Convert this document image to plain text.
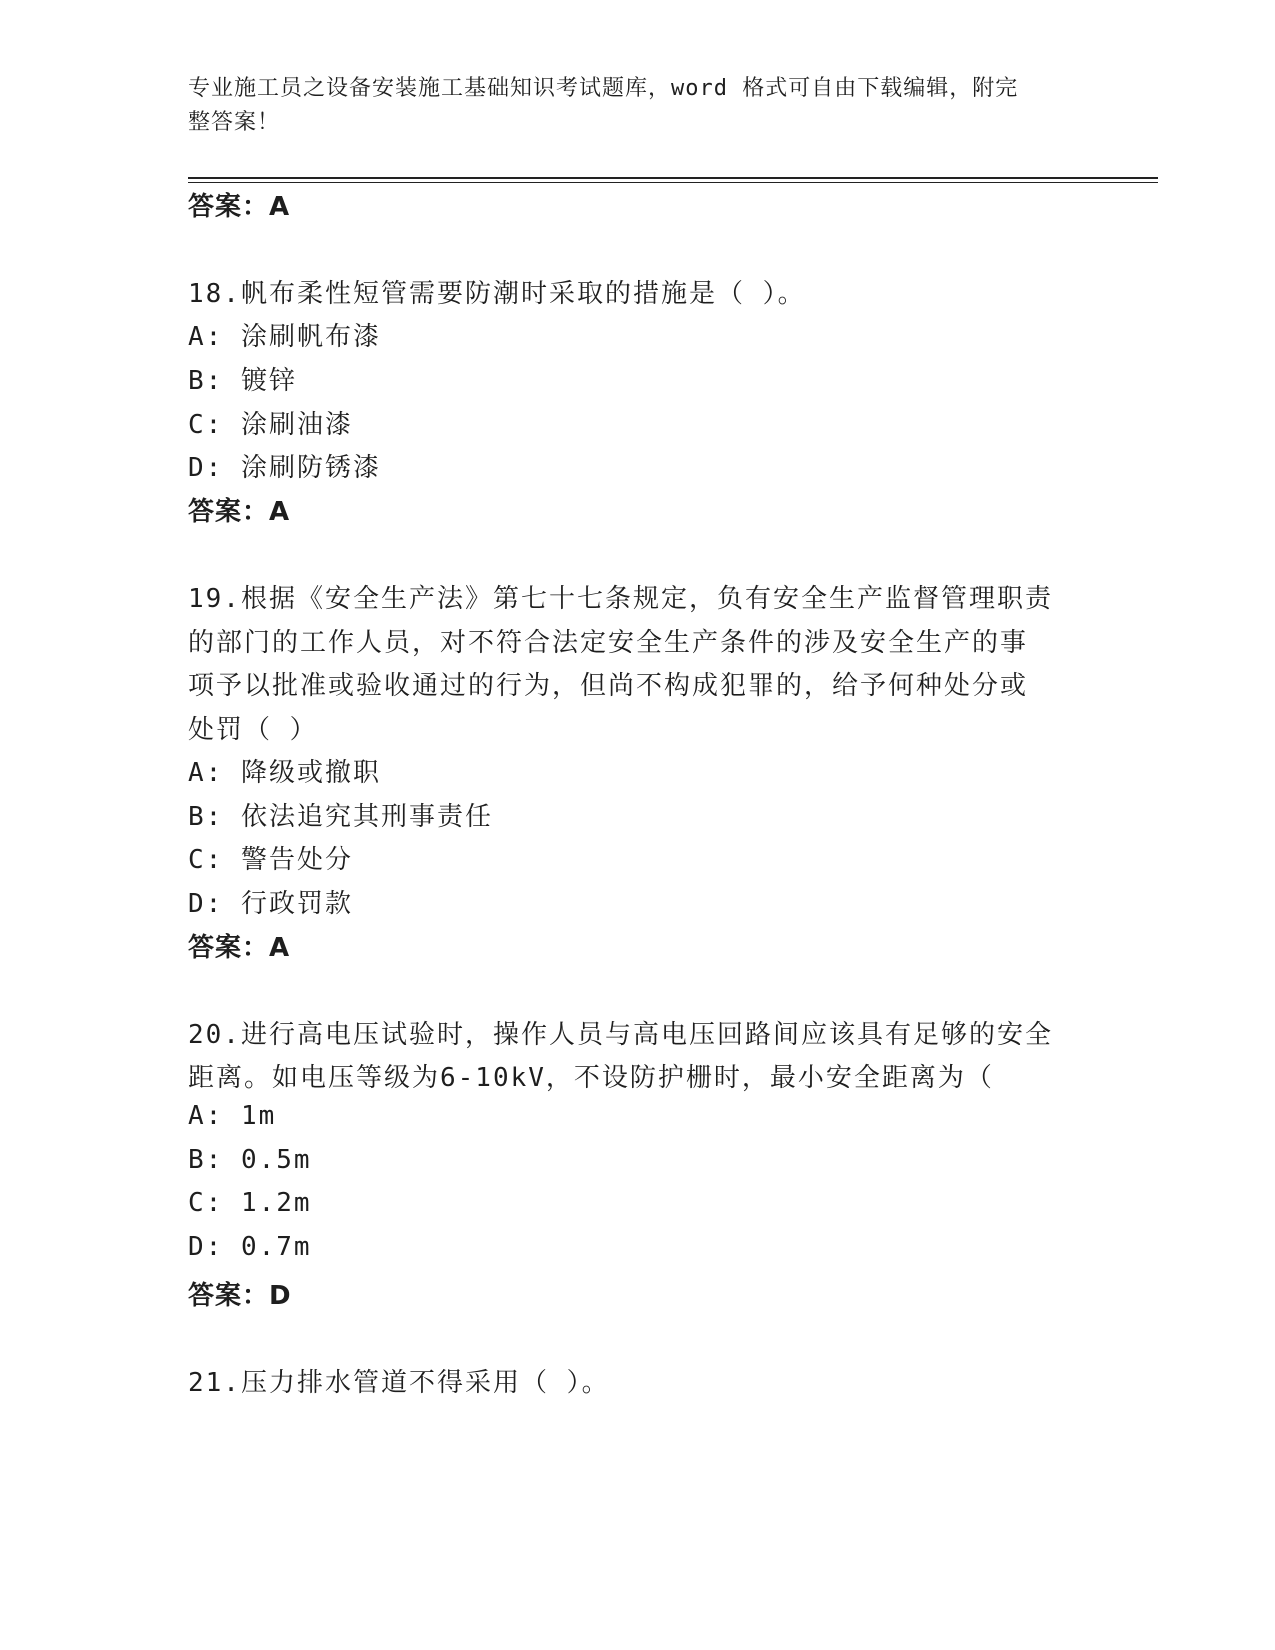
专业施工员之设备安装施工基础知识考试题库，word 格式可自由下载编辑，附完
整答案！
答案：A
18.帆布柔性短管需要防潮时采取的措施是（ ）。
A: 涂刷帆布漆
B: 镀锌
C: 涂刷油漆
D: 涂刷防锈漆
答案：A
19.根据《安全生产法》第七十七条规定，负有安全生产监督管理职责
的部门的工作人员，对不符合法定安全生产条件的涉及安全生产的事
项予以批准或验收通过的行为，但尚不构成犯罪的，给予何种处分或
处罚（ ）
A: 降级或撤职
B: 依法追究其刑事责任
C: 警告处分
D: 行政罚款
答案：A
20.进行高电压试验时，操作人员与高电压回路间应该具有足够的安全
距离。如电压等级为6-10kV，不设防护栅时，最小安全距离为（
A: 1m
B: 0.5m
C: 1.2m
D: 0.7m
答案：D
21.压力排水管道不得采用（ ）。
